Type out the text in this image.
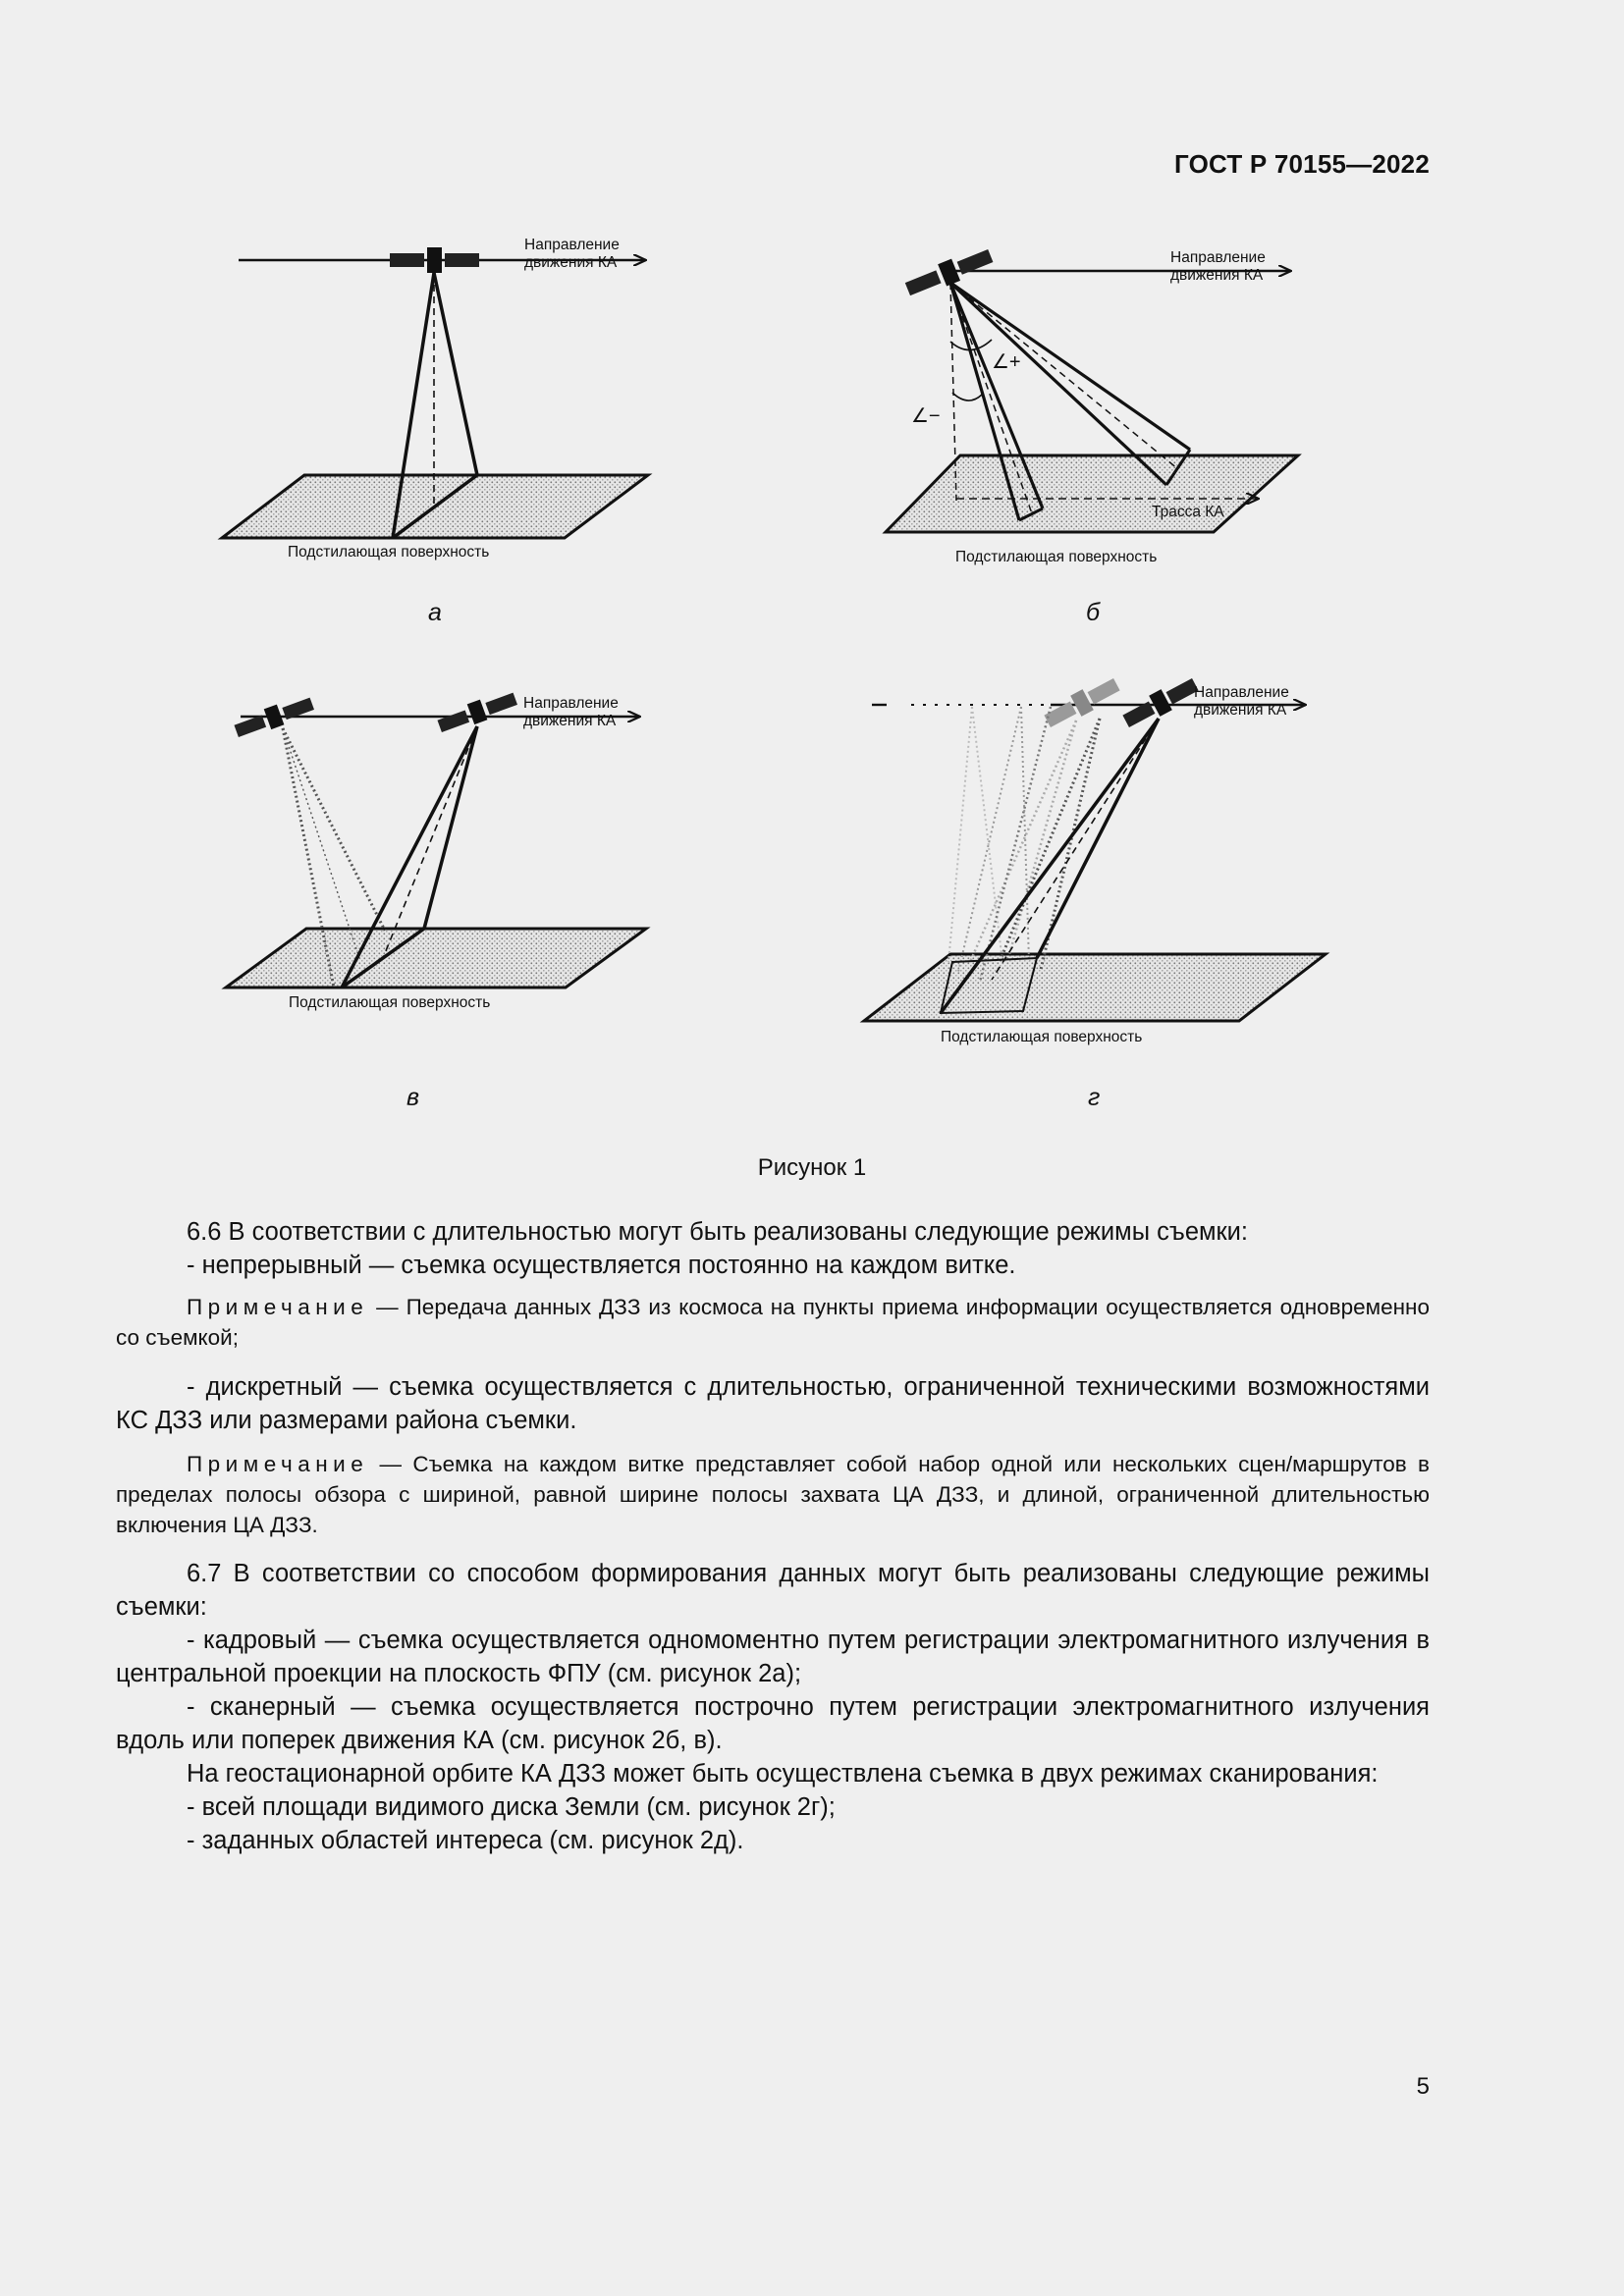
ГОСТ Р 70155—2022
Направление
движения КА
Подстилающая поверхность
а
Направление
движения КА
Трасса КА
∠+
∠−
Подстилающая поверхность
б
Направление
движения КА
Подстилающая поверхность
в
Направление
движения КА
Подстилающая поверхность
г
Рисунок 1

6.6 В соответствии с длительностью могут быть реализованы следующие режимы съемки:

- непрерывный — съемка осуществляется постоянно на каждом витке.

Примечание — Передача данных ДЗЗ из космоса на пункты приема информации осуществляется одновременно со съемкой;

- дискретный — съемка осуществляется с длительностью, ограниченной техническими возможностями КС ДЗЗ или размерами района съемки.

Примечание — Съемка на каждом витке представляет собой набор одной или нескольких сцен/маршрутов в пределах полосы обзора с шириной, равной ширине полосы захвата ЦА ДЗЗ, и длиной, ограниченной длительностью включения ЦА ДЗЗ.

6.7 В соответствии со способом формирования данных могут быть реализованы следующие режимы съемки:

- кадровый — съемка осуществляется одномоментно путем регистрации электромагнитного излучения в центральной проекции на плоскость ФПУ (см. рисунок 2а);

- сканерный — съемка осуществляется построчно путем регистрации электромагнитного излучения вдоль или поперек движения КА (см. рисунок 2б, в).

На геостационарной орбите КА ДЗЗ может быть осуществлена съемка в двух режимах сканирования:

- всей площади видимого диска Земли (см. рисунок 2г);

- заданных областей интереса (см. рисунок 2д).

5
